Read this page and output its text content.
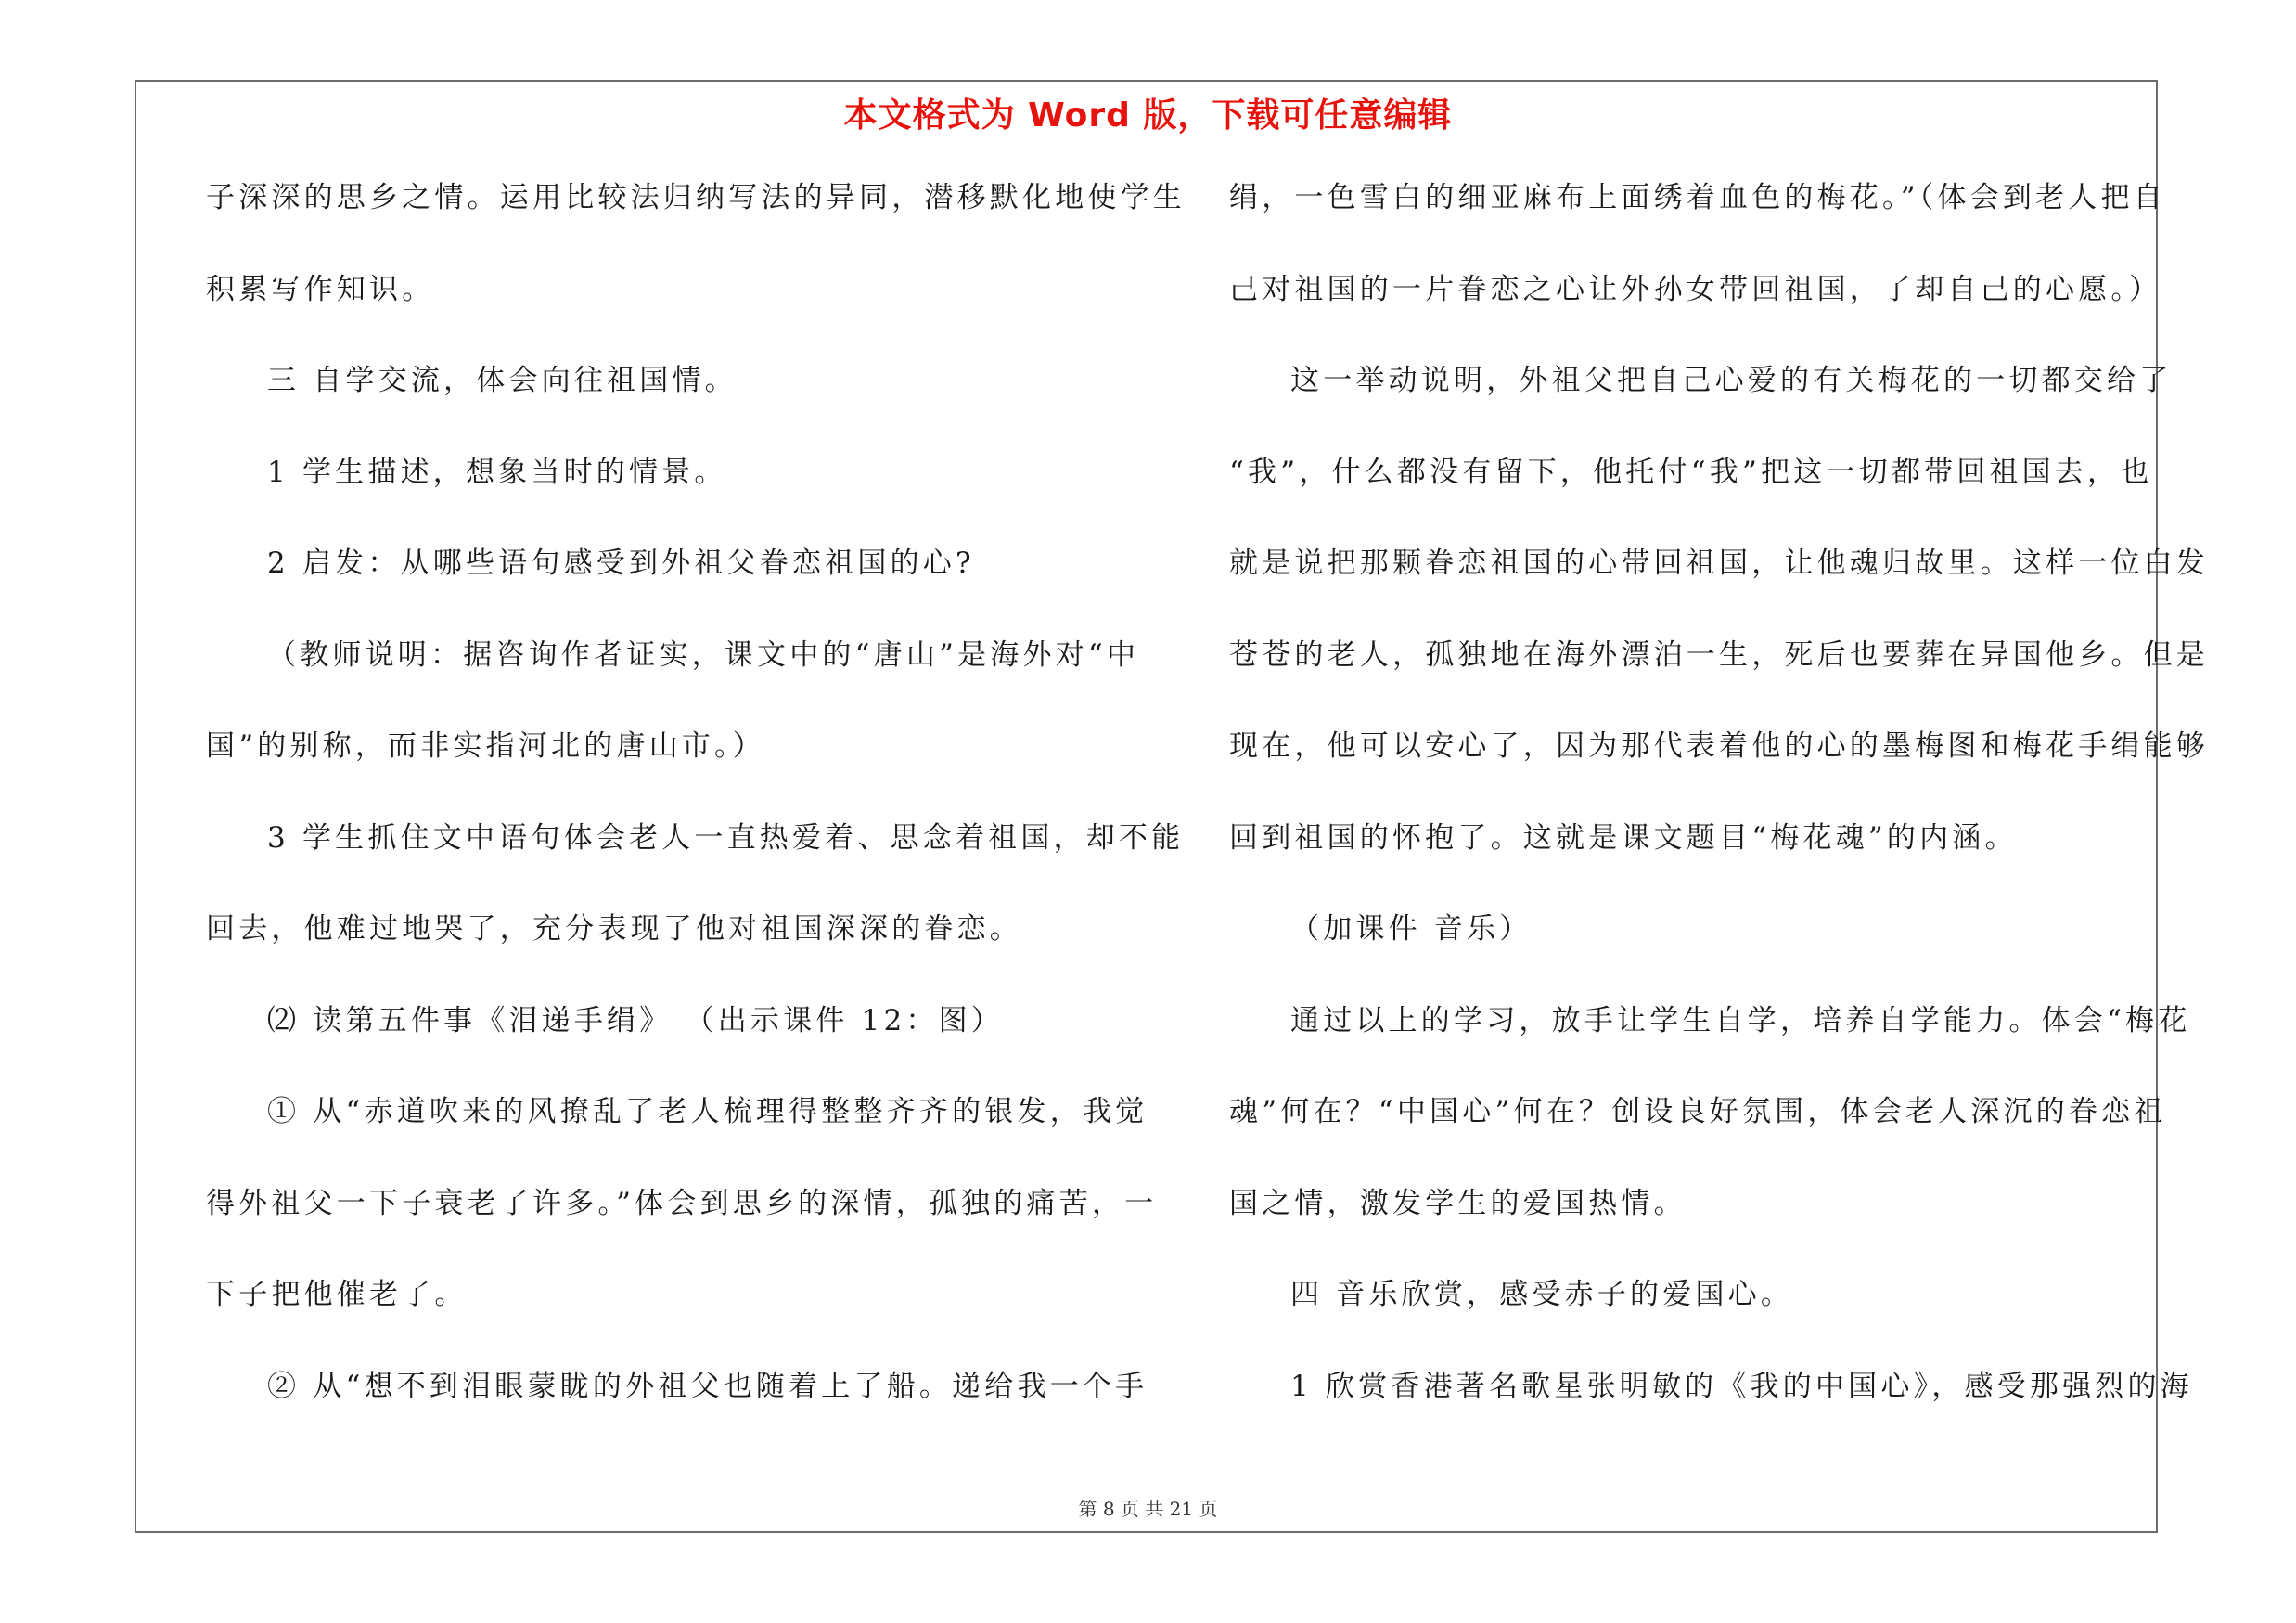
本文格式为 Word 版，下载可任意编辑
子深深的思乡之情。运用比较法归纳写法的异同，潜移默化地使学生
积累写作知识。
三 自学交流，体会向往祖国情。
1 学生描述，想象当时的情景。
2 启发：从哪些语句感受到外祖父眷恋祖国的心?
（教师说明：据咨询作者证实，课文中的“唐山”是海外对“中
国”的别称，而非实指河北的唐山市。）
3 学生抓住文中语句体会老人一直热爱着、思念着祖国，却不能
回去，他难过地哭了，充分表现了他对祖国深深的眷恋。
⑵ 读第五件事《泪递手绢》 （出示课件 12：图）
① 从“赤道吹来的风撩乱了老人梳理得整整齐齐的银发，我觉
得外祖父一下子衰老了许多。”体会到思乡的深情，孤独的痛苦，一
下子把他催老了。
② 从“想不到泪眼蒙眬的外祖父也随着上了船。递给我一个手
绢，一色雪白的细亚麻布上面绣着血色的梅花。”（体会到老人把自
己对祖国的一片眷恋之心让外孙女带回祖国，了却自己的心愿。）
这一举动说明，外祖父把自己心爱的有关梅花的一切都交给了
“我”，什么都没有留下，他托付“我”把这一切都带回祖国去，也
就是说把那颗眷恋祖国的心带回祖国，让他魂归故里。这样一位白发
苍苍的老人，孤独地在海外漂泊一生，死后也要葬在异国他乡。但是
现在，他可以安心了，因为那代表着他的心的墨梅图和梅花手绢能够
回到祖国的怀抱了。这就是课文题目“梅花魂”的内涵。
（加课件 音乐）
通过以上的学习，放手让学生自学，培养自学能力。体会“梅花
魂”何在？“中国心”何在？创设良好氛围，体会老人深沉的眷恋祖
国之情，激发学生的爱国热情。
四 音乐欣赏，感受赤子的爱国心。
1 欣赏香港著名歌星张明敏的《我的中国心》，感受那强烈的海
第 8 页 共 21 页
